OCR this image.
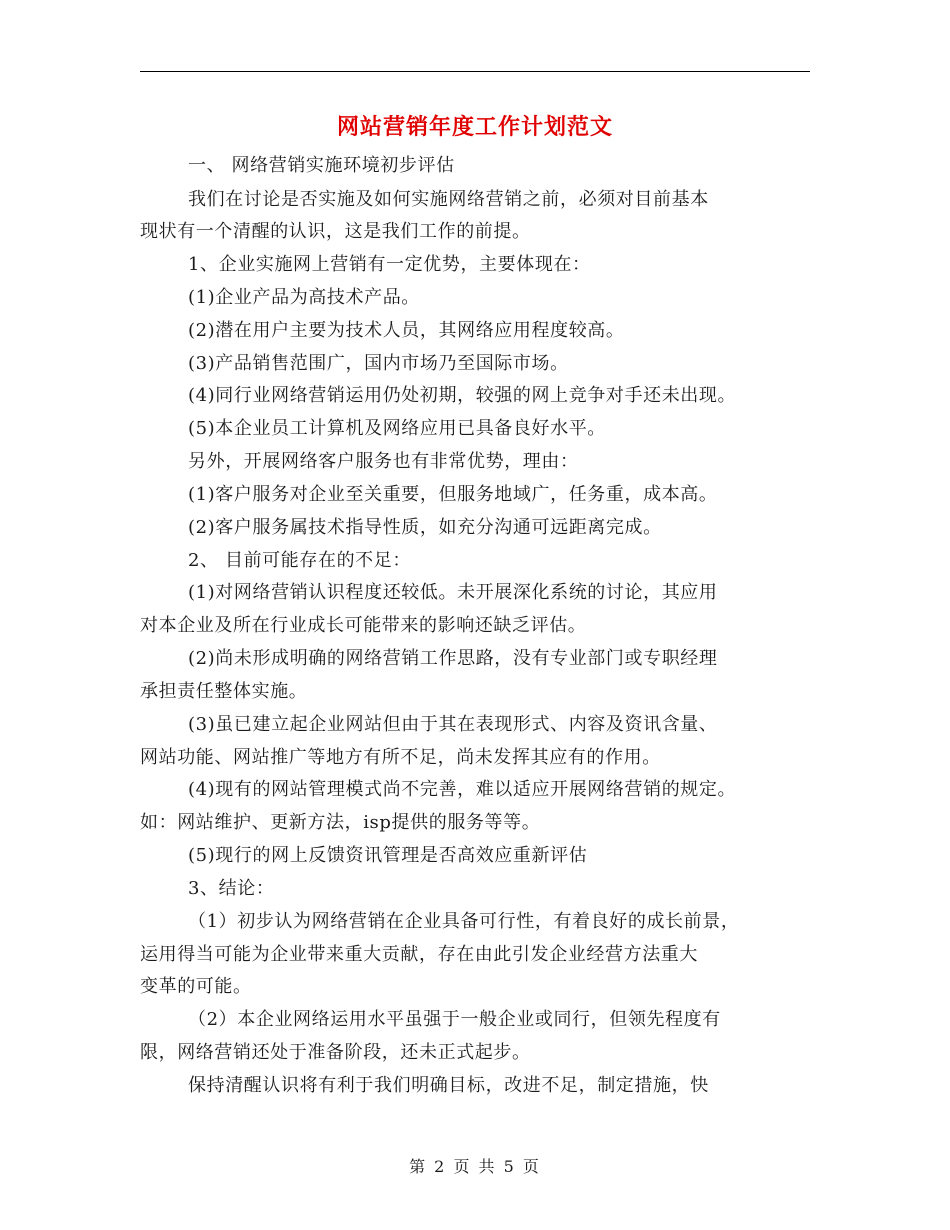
网站营销年度工作计划范文
一、 网络营销实施环境初步评估
我们在讨论是否实施及如何实施网络营销之前，必须对目前基本
现状有一个清醒的认识，这是我们工作的前提。
1、企业实施网上营销有一定优势，主要体现在：
(1)企业产品为高技术产品。
(2)潜在用户主要为技术人员，其网络应用程度较高。
(3)产品销售范围广，国内市场乃至国际市场。
(4)同行业网络营销运用仍处初期，较强的网上竞争对手还未出现。
(5)本企业员工计算机及网络应用已具备良好水平。
另外，开展网络客户服务也有非常优势，理由：
(1)客户服务对企业至关重要，但服务地域广，任务重，成本高。
(2)客户服务属技术指导性质，如充分沟通可远距离完成。
2、 目前可能存在的不足：
(1)对网络营销认识程度还较低。未开展深化系统的讨论，其应用
对本企业及所在行业成长可能带来的影响还缺乏评估。
(2)尚未形成明确的网络营销工作思路，没有专业部门或专职经理
承担责任整体实施。
(3)虽已建立起企业网站但由于其在表现形式、内容及资讯含量、
网站功能、网站推广等地方有所不足，尚未发挥其应有的作用。
(4)现有的网站管理模式尚不完善，难以适应开展网络营销的规定。
如：网站维护、更新方法，isp提供的服务等等。
(5)现行的网上反馈资讯管理是否高效应重新评估
3、结论：
（1）初步认为网络营销在企业具备可行性，有着良好的成长前景，
运用得当可能为企业带来重大贡献，存在由此引发企业经营方法重大
变革的可能。
（2）本企业网络运用水平虽强于一般企业或同行，但领先程度有
限，网络营销还处于准备阶段，还未正式起步。
保持清醒认识将有利于我们明确目标，改进不足，制定措施，快
第 2 页 共 5 页
